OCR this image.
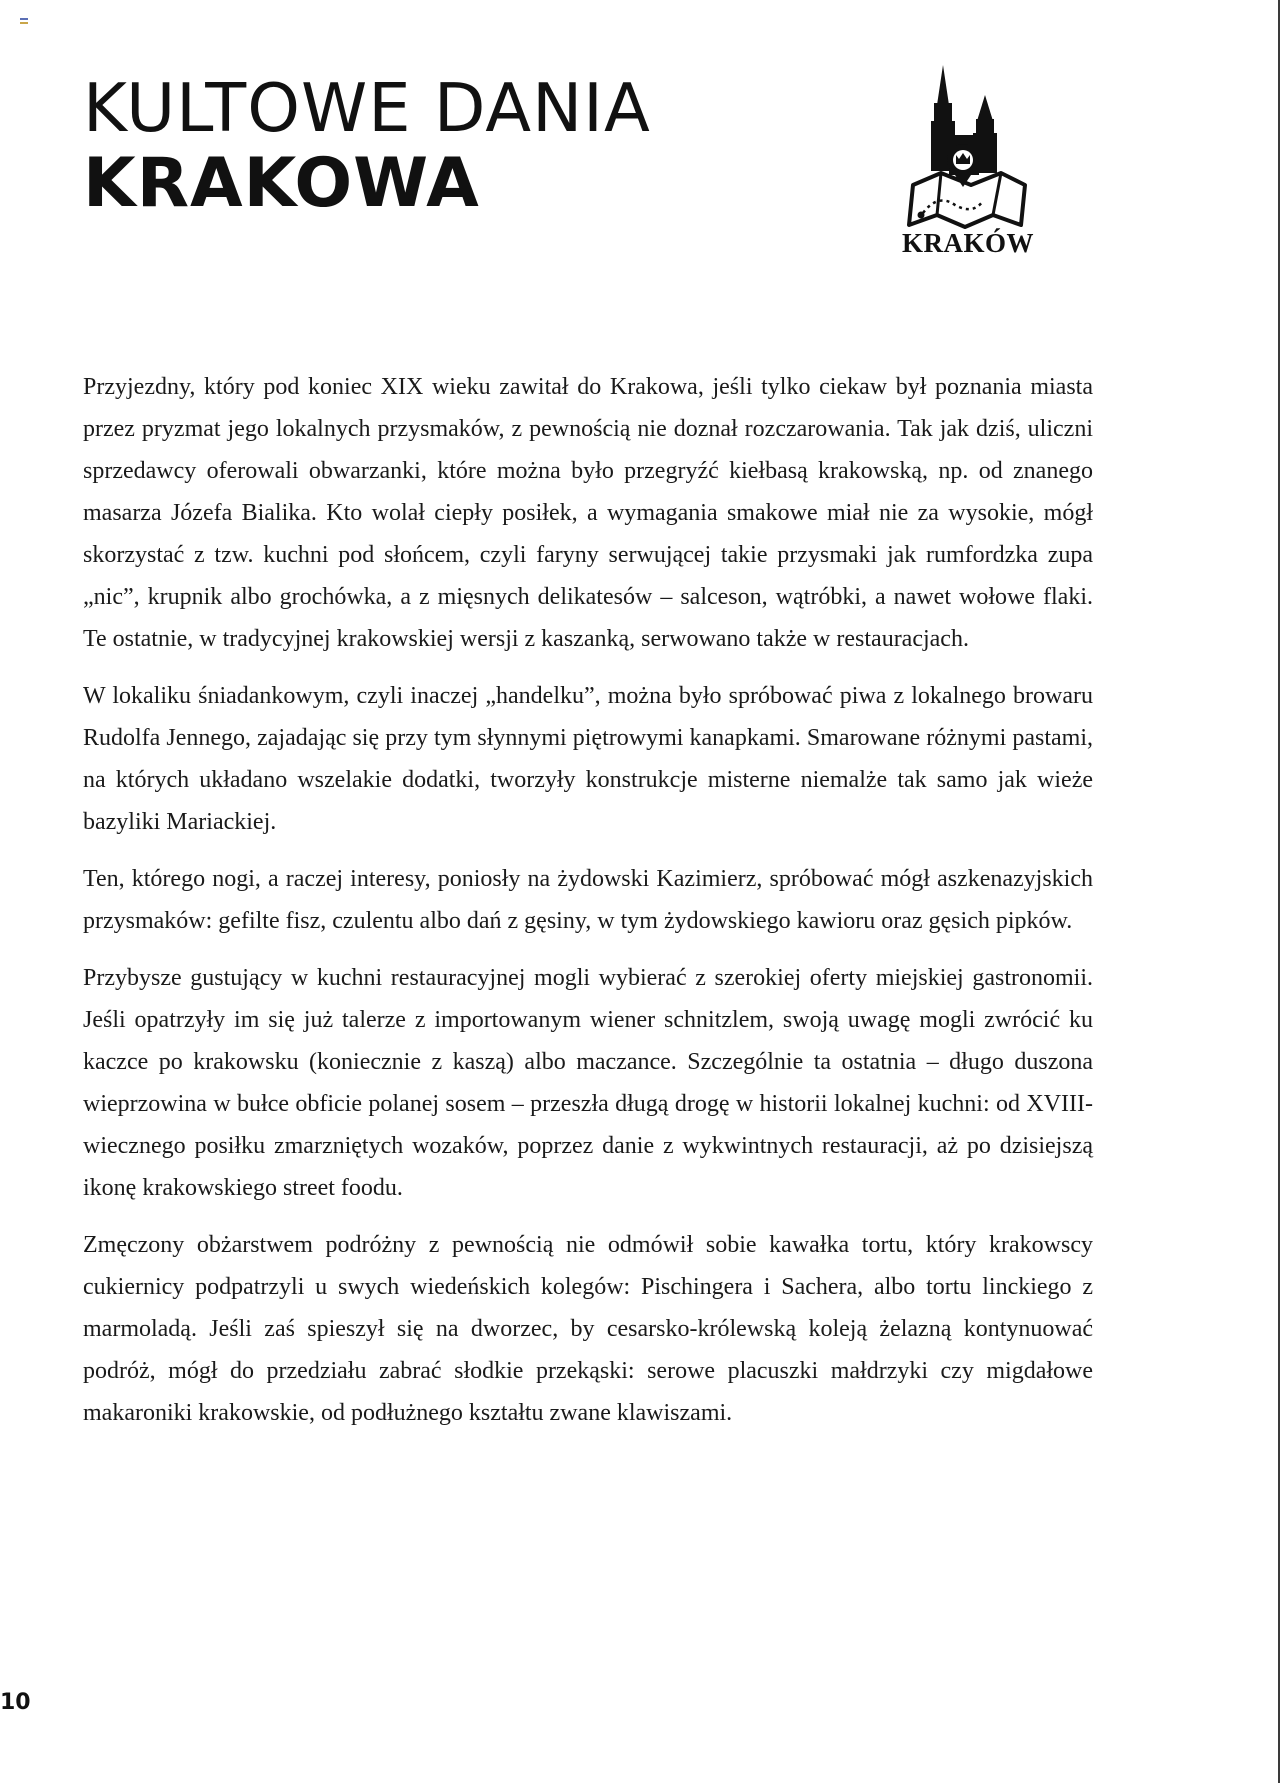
KULTOWE DANIA
KRAKOWA
KRAKÓW

Przyjezdny, który pod koniec XIX wieku zawitał do Krakowa, jeśli tylko ciekaw był poznania miasta przez pryzmat jego lokalnych przysmaków, z pewnością nie doznał rozczarowania. Tak jak dziś, uliczni sprzedawcy oferowali obwarzanki, które można było przegryźć kiełbasą krakowską, np. od znanego masarza Józefa Bialika. Kto wolał ciepły posiłek, a wymagania smakowe miał nie za wysokie, mógł skorzystać z tzw. kuchni pod słońcem, czyli faryny serwującej takie przysmaki jak rumfordzka zupa „nic”, krupnik albo grochówka, a z mięsnych delikatesów – salceson, wątróbki, a nawet wołowe flaki. Te ostatnie, w tradycyjnej krakowskiej wersji z kaszanką, serwowano także w restauracjach.

W lokaliku śniadankowym, czyli inaczej „handelku”, można było spróbować piwa z lokalnego browaru Rudolfa Jennego, zajadając się przy tym słynnymi piętrowymi kanapkami. Smarowane różnymi pastami, na których układano wszelakie dodatki, tworzyły konstrukcje misterne niemalże tak samo jak wieże bazyliki Mariackiej.

Ten, którego nogi, a raczej interesy, poniosły na żydowski Kazimierz, spróbować mógł aszkenazyjskich przysmaków: gefilte fisz, czulentu albo dań z gęsiny, w tym żydowskiego kawioru oraz gęsich pipków.

Przybysze gustujący w kuchni restauracyjnej mogli wybierać z szerokiej oferty miejskiej gastronomii. Jeśli opatrzyły im się już talerze z importowanym wiener schnitzlem, swoją uwagę mogli zwrócić ku kaczce po krakowsku (koniecznie z kaszą) albo maczance. Szczególnie ta ostatnia – długo duszona wieprzowina w bułce obficie polanej sosem – przeszła długą drogę w historii lokalnej kuchni: od XVIII-wiecznego posiłku zmarzniętych wozaków, poprzez danie z wykwintnych restauracji, aż po dzisiejszą ikonę krakowskiego street foodu.

Zmęczony obżarstwem podróżny z pewnością nie odmówił sobie kawałka tortu, który krakowscy cukiernicy podpatrzyli u swych wiedeńskich kolegów: Pischingera i Sachera, albo tortu linckiego z marmoladą. Jeśli zaś spieszył się na dworzec, by cesarsko-królewską koleją żelazną kontynuować podróż, mógł do przedziału zabrać słodkie przekąski: serowe placuszki małdrzyki czy migdałowe makaroniki krakowskie, od podłużnego kształtu zwane klawiszami.

10
